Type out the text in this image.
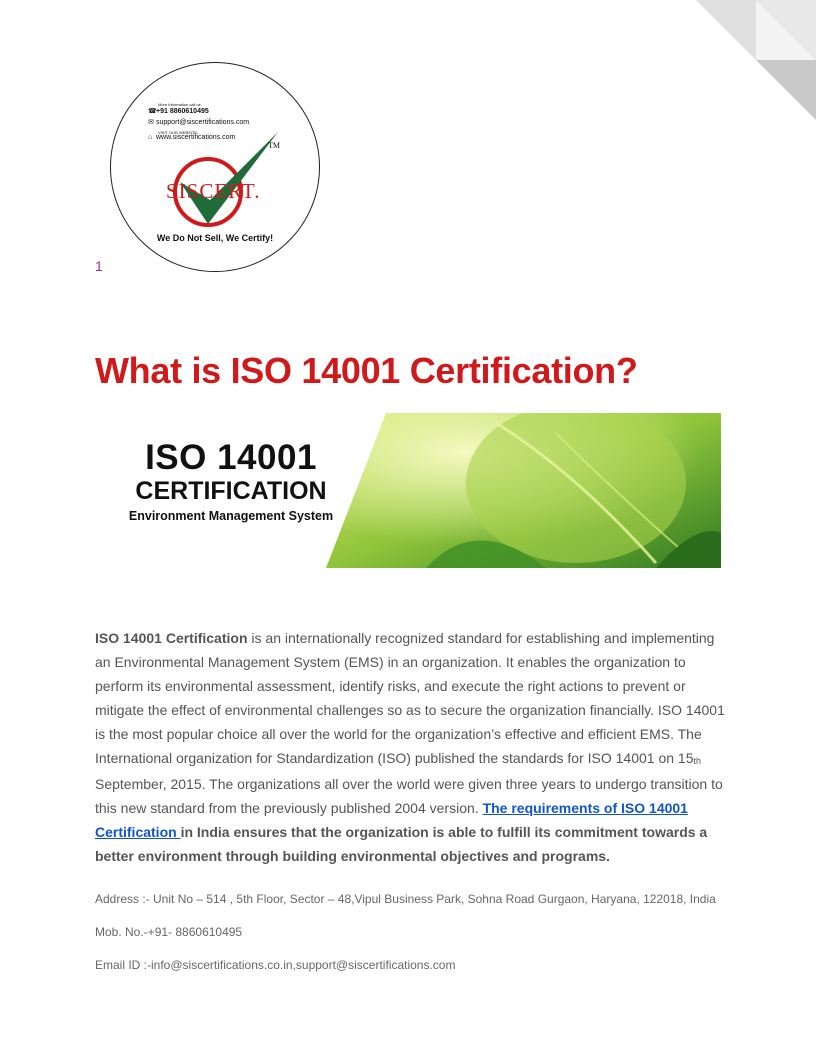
More Information call us
☎+91 8860610495
✉ support@siscertifications.com
VISIT OUR WEBSITE
⌂ www.siscertifications.com
SISCERT.
TM
We Do Not Sell, We Certify!
1
What is ISO 14001 Certification?
ISO 14001
CERTIFICATION
Environment Management System

ISO 14001 Certification is an internationally recognized standard for establishing and implementing an Environmental Management System (EMS) in an organization. It enables the organization to perform its environmental assessment, identify risks, and execute the right actions to prevent or mitigate the effect of environmental challenges so as to secure the organization financially. ISO 14001 is the most popular choice all over the world for the organization’s effective and efficient EMS. The International organization for Standardization (ISO) published the standards for ISO 14001 on 15th September, 2015. The organizations all over the world were given three years to undergo transition to this new standard from the previously published 2004 version. The requirements of ISO 14001 Certification in India ensures that the organization is able to fulfill its commitment towards a better environment through building environmental objectives and programs.

Address :- Unit No – 514 , 5th Floor, Sector – 48,Vipul Business Park, Sohna Road Gurgaon, Haryana, 122018, India
Mob. No.-+91- 8860610495
Email ID :-info@siscertifications.co.in,support@siscertifications.com
